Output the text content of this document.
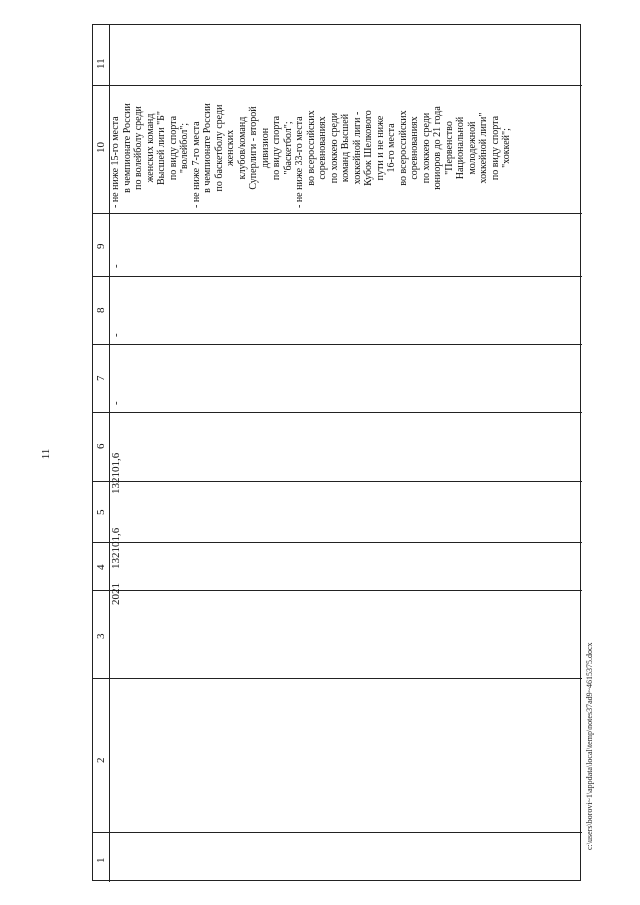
11
1
2
3
4
5
6
7
8
9
10
11
2021
132101,6
132101,6
-
-
-
- не ниже 15-го места в чемпионате России по волейболу среди женских команд Высшей лиги "Б" по виду спорта "волейбол"; - не ниже 7-го места в чемпионате России по баскетболу среди женских клубов/команд Суперлиги - второй дивизион по виду спорта "баскетбол"; - не ниже 33-го места во всероссийских соревнованиях по хоккею среди команд Высшей хоккейной лиги - Кубок Шелкового пути и не ниже 16-го места во всероссийских соревнованиях по хоккею среди юниоров до 21 года "Первенство Национальной молодежной хоккейной лиги" по виду спорта "хоккей";
c:\users\borovi~1\appdata\local\temp\notes37ad9~4615375.docx
